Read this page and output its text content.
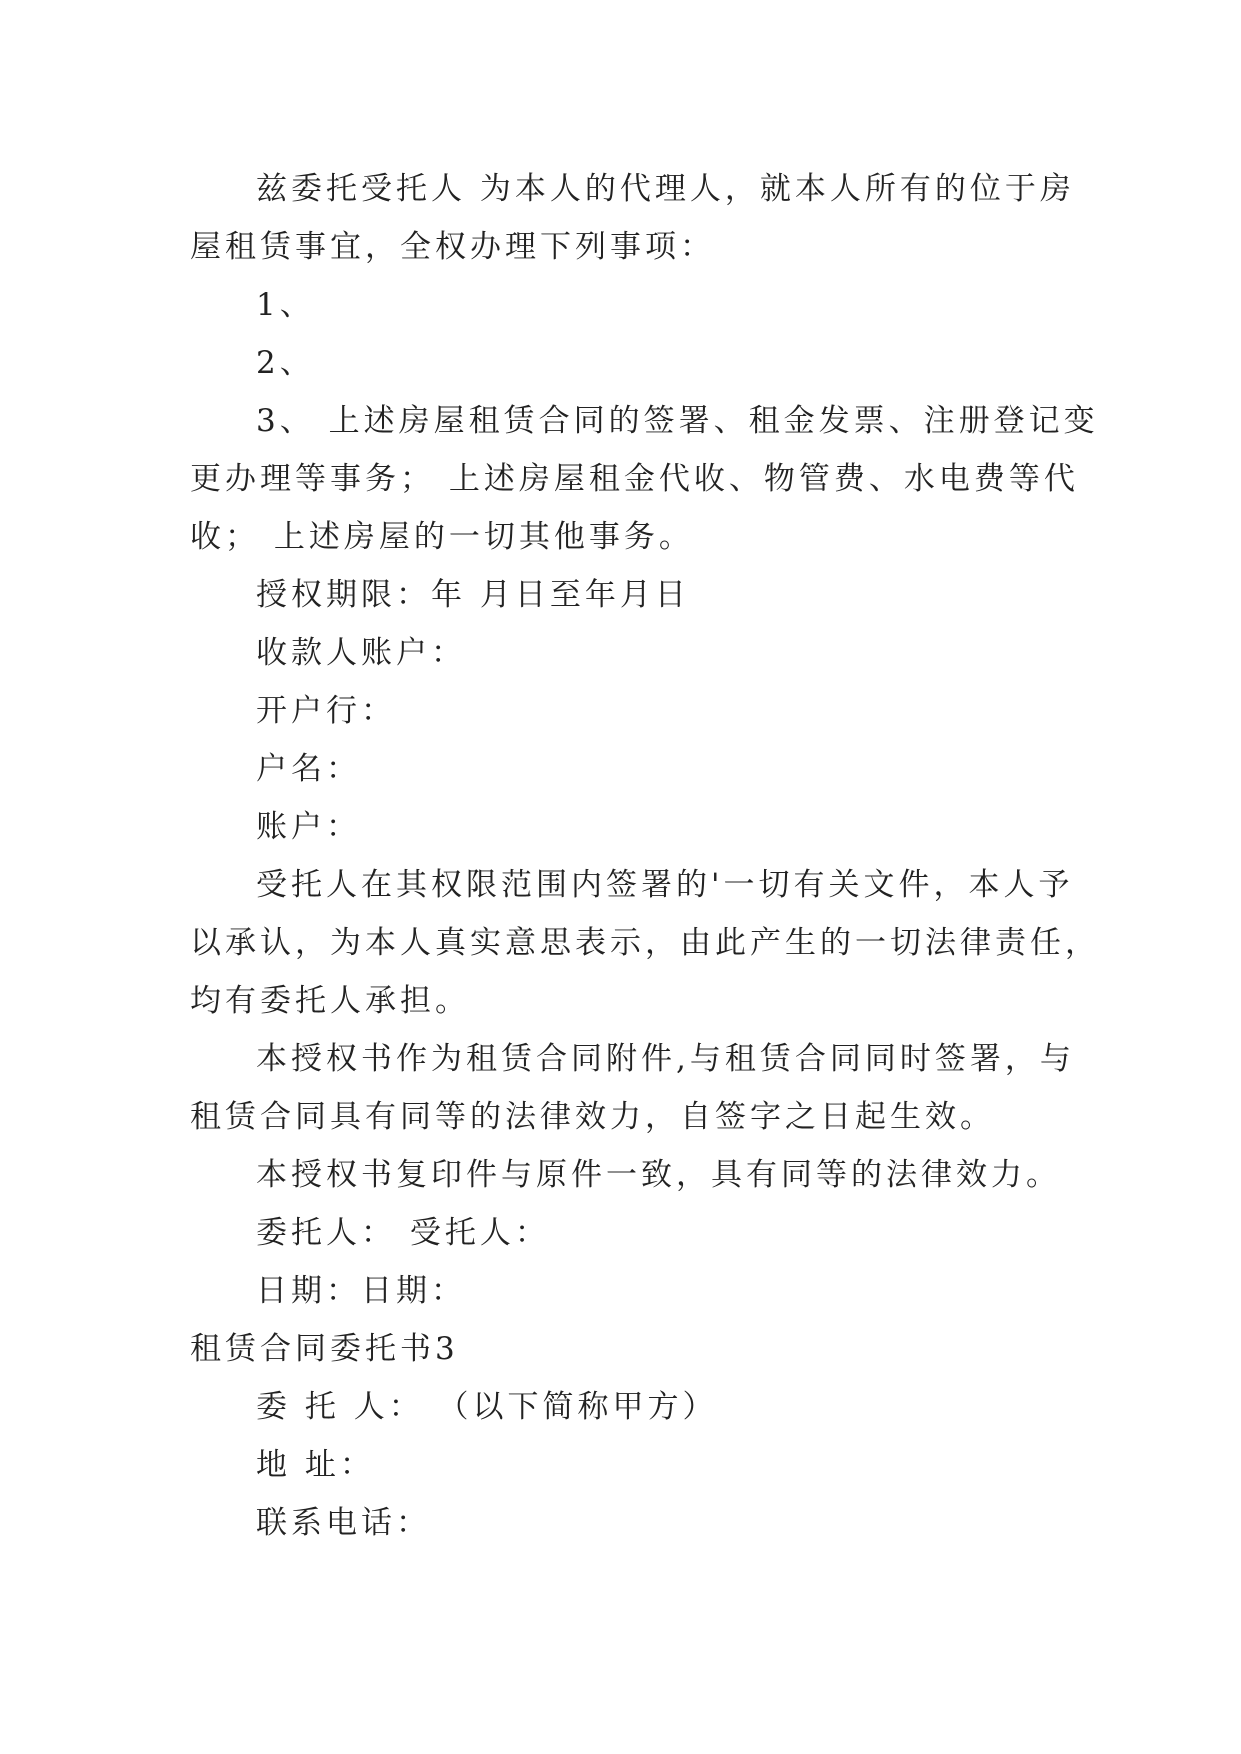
兹委托受托人 为本人的代理人，就本人所有的位于房
屋租赁事宜，全权办理下列事项：
1、
2、
3、 上述房屋租赁合同的签署、租金发票、注册登记变
更办理等事务； 上述房屋租金代收、物管费、水电费等代
收； 上述房屋的一切其他事务。
授权期限：年 月日至年月日
收款人账户：
开户行：
户名：
账户：
受托人在其权限范围内签署的'一切有关文件，本人予
以承认，为本人真实意思表示，由此产生的一切法律责任，
均有委托人承担。
本授权书作为租赁合同附件,与租赁合同同时签署，与
租赁合同具有同等的法律效力，自签字之日起生效。
本授权书复印件与原件一致，具有同等的法律效力。
委托人： 受托人：
日期：日期：
租赁合同委托书3
委 托 人： （以下简称甲方）
地 址：
联系电话：
